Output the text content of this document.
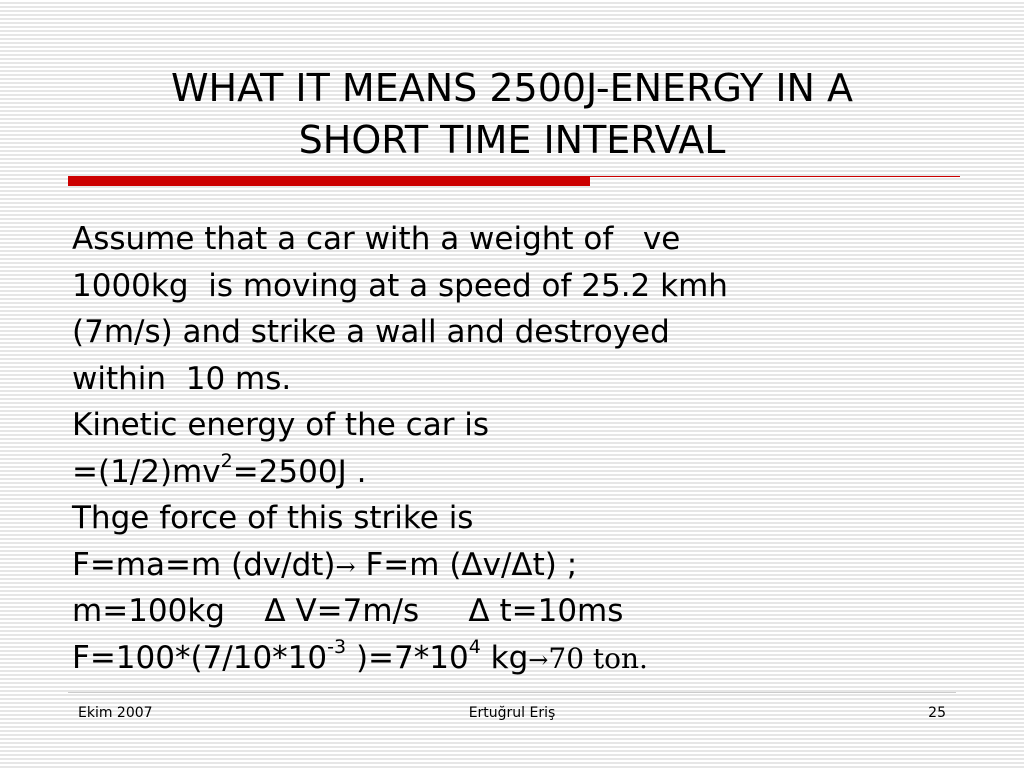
WHAT IT MEANS 2500J-ENERGY IN A
SHORT TIME INTERVAL
Assume that a car with a weight of   ve
1000kg  is moving at a speed of 25.2 kmh
(7m/s) and strike a wall and destroyed
within  10 ms.
Kinetic energy of the car is
$=(1/2)mv^2=2500J$ .
Thge force of this strike is
F=ma=m (dv/dt)→ F=m (Δv/Δt) ;
m=100kg    Δ V=7m/s     Δ t=10ms
$F=100*(7/10*10^{-3}$ )$=7*10^4$ kg→70 ton.
Ekim 2007	Ertuğrul Eriş	25
